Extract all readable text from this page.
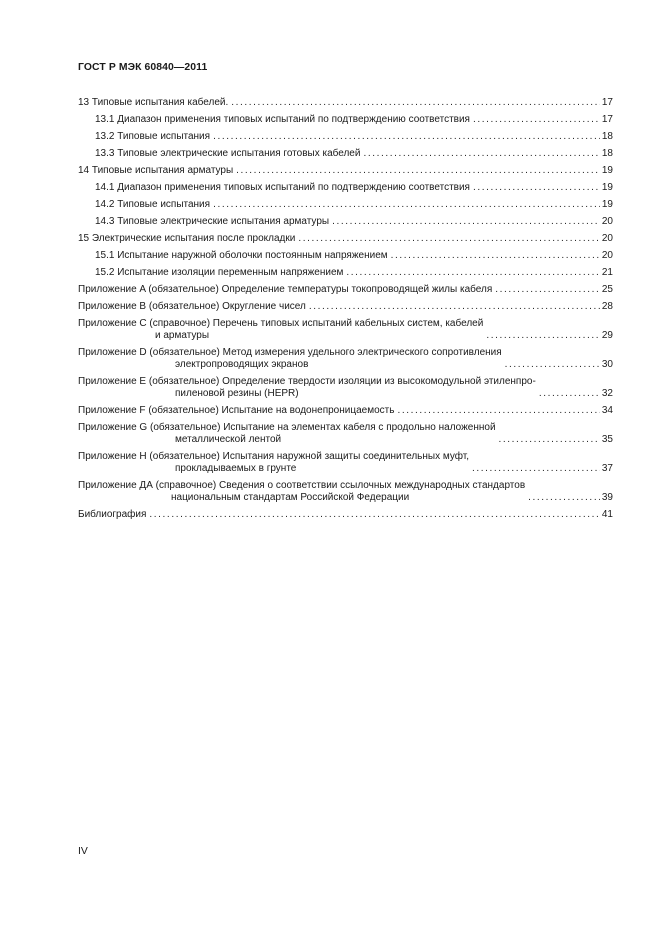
ГОСТ Р МЭК 60840—2011
13 Типовые испытания кабелей. .....	17
13.1 Диапазон применения типовых испытаний по подтверждению соответствия .....	17
13.2 Типовые испытания .....	18
13.3 Типовые электрические испытания готовых кабелей .....	18
14 Типовые испытания арматуры .....	19
14.1 Диапазон применения типовых испытаний по подтверждению соответствия .....	19
14.2 Типовые испытания .....	19
14.3 Типовые электрические испытания арматуры .....	20
15 Электрические испытания после прокладки .....	20
15.1 Испытание наружной оболочки постоянным напряжением .....	20
15.2 Испытание изоляции переменным напряжением .....	21
Приложение A (обязательное) Определение температуры токопроводящей жилы кабеля .....	25
Приложение B (обязательное) Округление чисел .....	28
Приложение C (справочное) Перечень типовых испытаний кабельных систем, кабелей
и арматуры .....	29
Приложение D (обязательное) Метод измерения удельного электрического сопротивления
электропроводящих экранов .....	30
Приложение E (обязательное) Определение твердости изоляции из высокомодульной этиленпро-
пиленовой резины (HEPR) .....	32
Приложение F (обязательное) Испытание на водонепроницаемость .....	34
Приложение G (обязательное) Испытание на элементах кабеля с продольно наложенной
металлической лентой .....	35
Приложение H (обязательное) Испытания наружной защиты соединительных муфт,
прокладываемых в грунте .....	37
Приложение ДА (справочное) Сведения о соответствии ссылочных международных стандартов
национальным стандартам Российской Федерации .....	39
Библиография .....	41
IV
